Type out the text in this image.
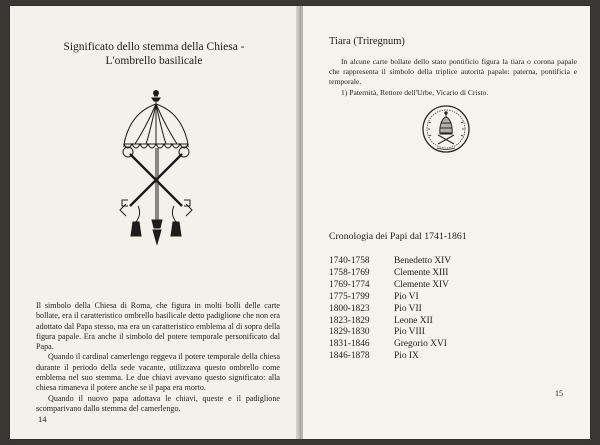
Significato dello stemma della Chiesa -
L'ombrello basilicale

Il simbolo della Chiesa di Roma, che figura in molti bolli delle carte bollate, era il caratteristico ombrello basilicale detto padiglione che non era adottato dal Papa stesso, ma era un caratteristico emblema al di sopra della figura papale. Era anche il simbolo del potere temporale personificato dal Papa.

Quando il cardinal camerlengo reggeva il potere temporale della chiesa durante il periodo della sede vacante, utilizzava questo ombrello come emblema nel suo stemma. Le due chiavi avevano questo significato: alla chiesa rimaneva il potere anche se il papa era morto.

Quando il nuovo papa adottava le chiavi, queste e il padiglione scomparivano dallo stemma del camerlengo.

14
Tiara (Triregnum)

In alcune carte bollate dello stato pontificio figura la tiara o corona papale che rappresenta il simbolo della triplice autorità papale: paterna, pontificia e temporale.

1) Paternità, Rettore dell'Urbe, Vicario di Cristo.

Cronologia dei Papi dal 1741-1861
1740-1758	Benedetto XIV
1758-1769	Clemente XIII
1769-1774	Clemente XIV
1775-1799	Pio VI
1800-1823	Pio VII
1823-1829	Leone XII
1829-1830	Pio VIII
1831-1846	Gregorio XVI
1846-1878	Pio IX
15
